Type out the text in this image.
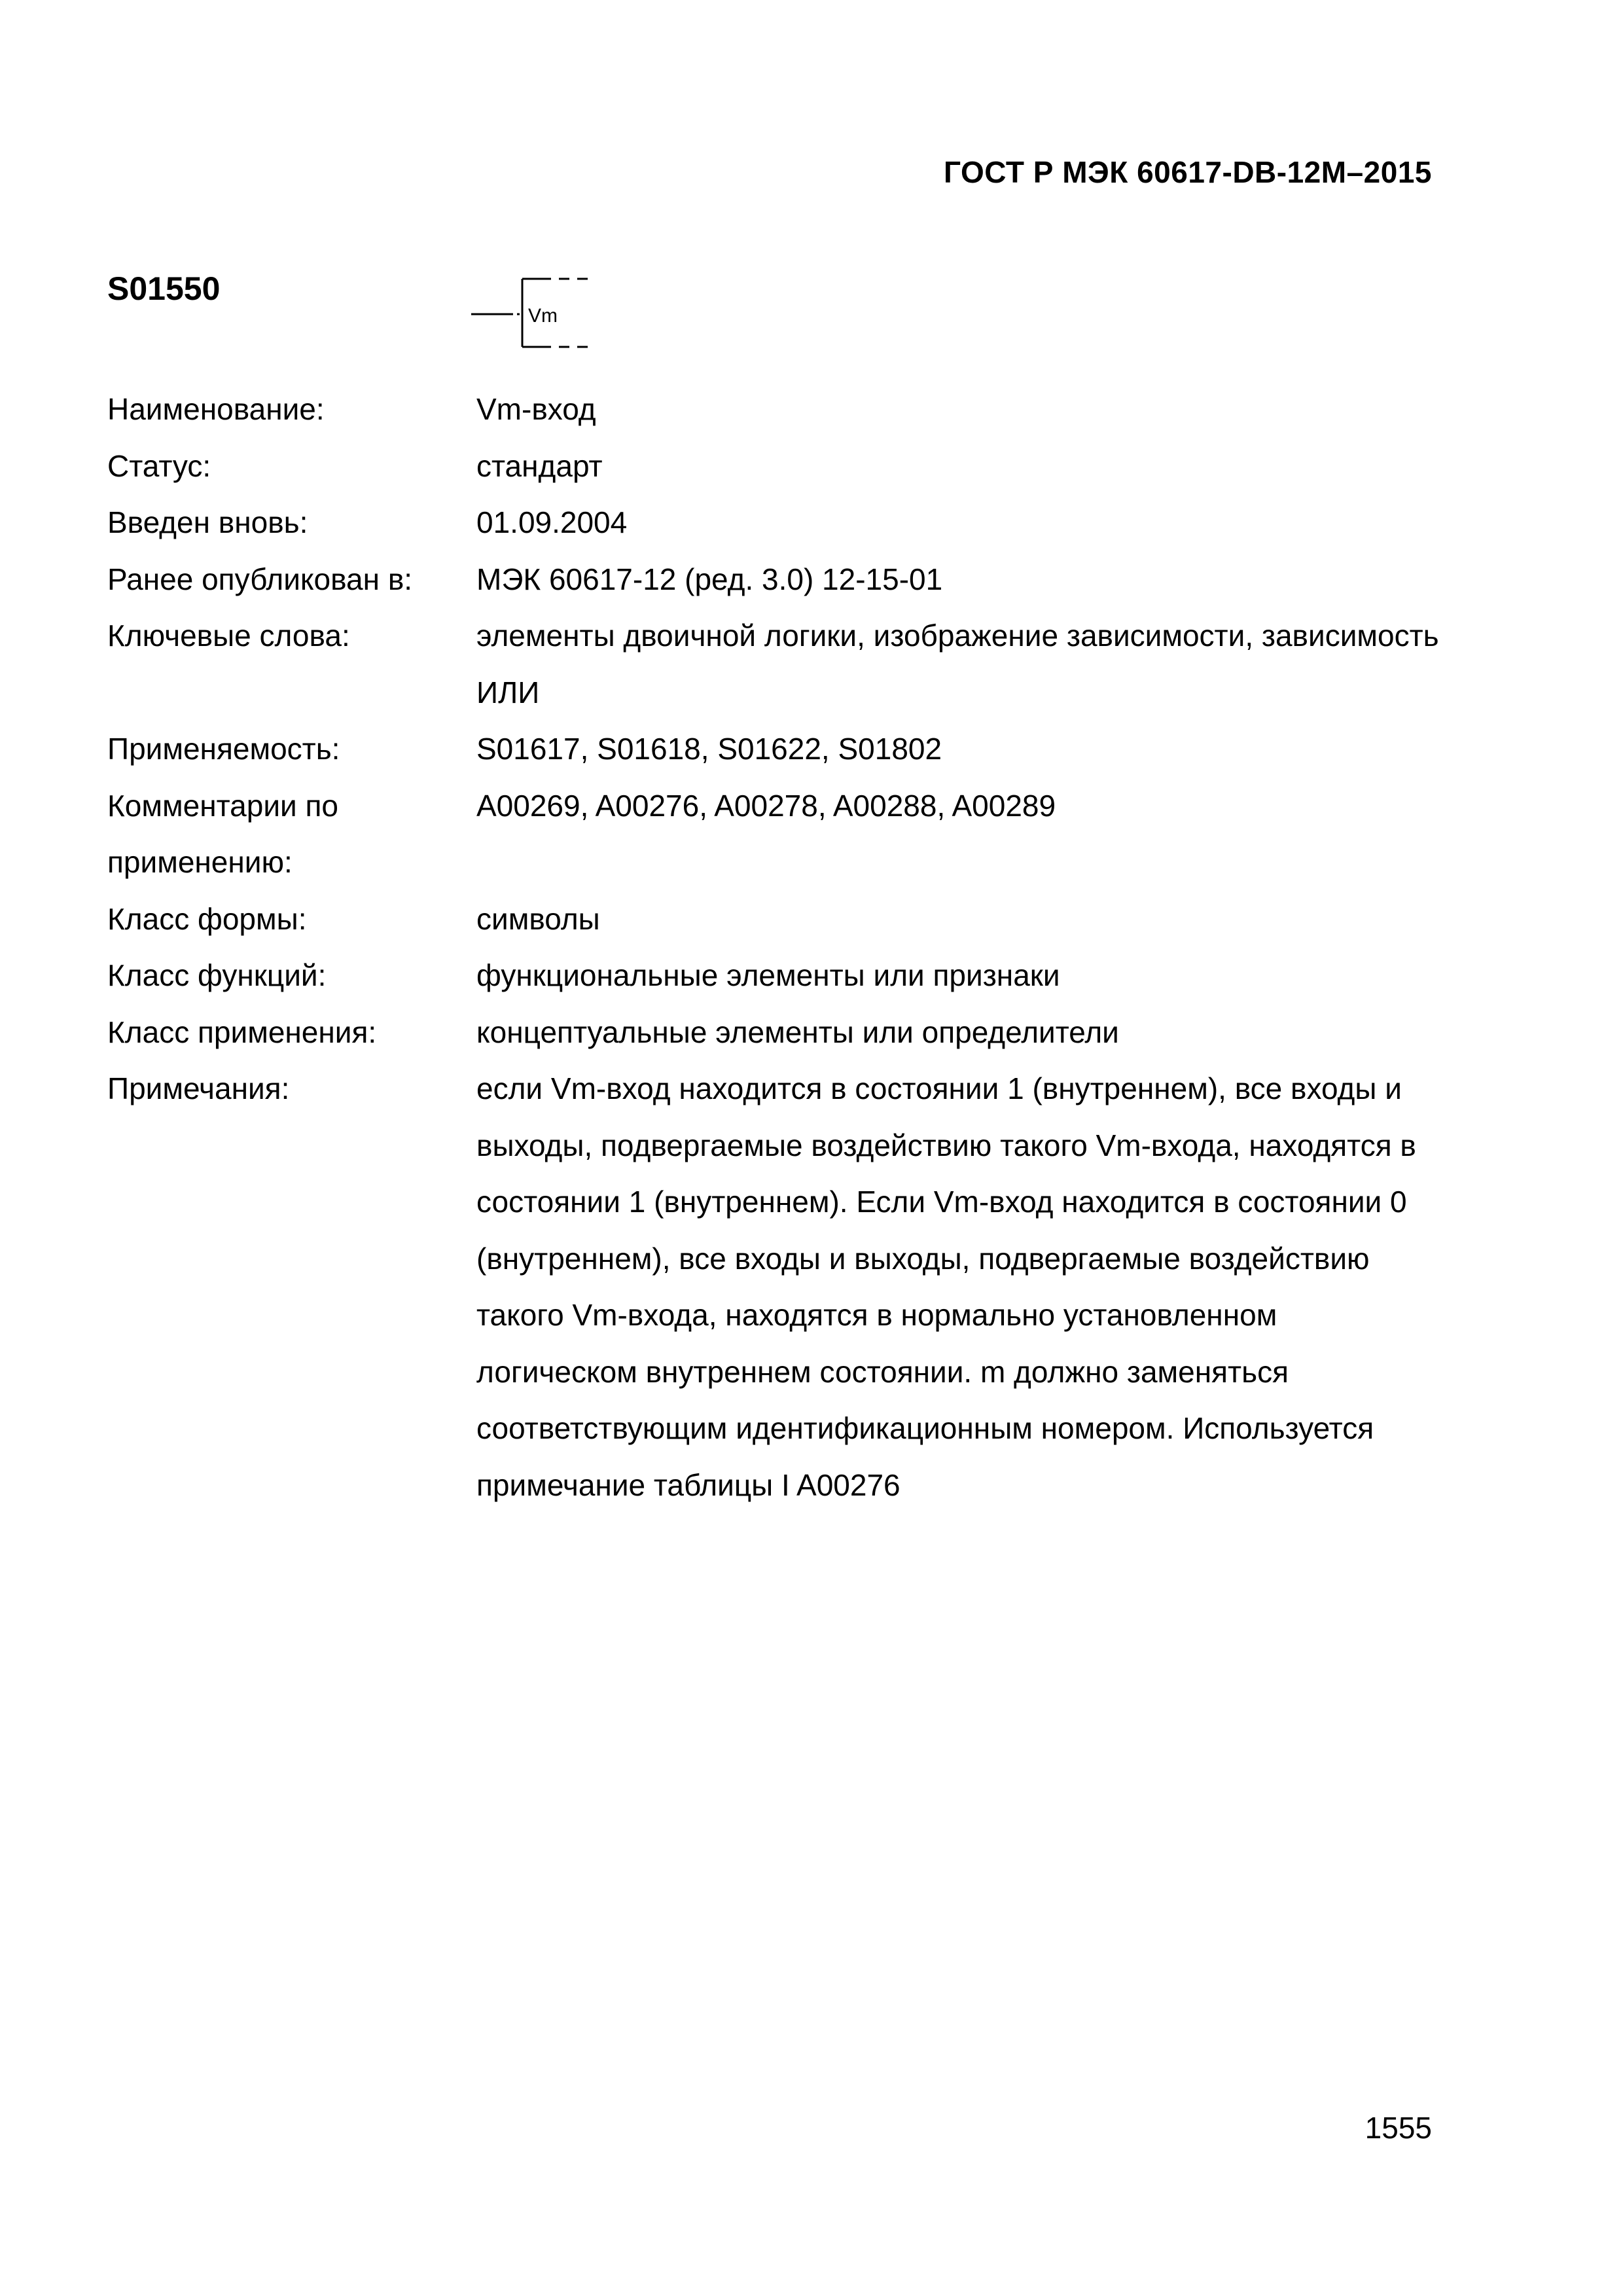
ГОСТ Р МЭК 60617-DB-12M–2015
S01550
Vm
Наименование:	Vm-вход
Статус:	стандарт
Введен вновь:	01.09.2004
Ранее опубликован в:	МЭК 60617-12 (ред. 3.0) 12-15-01
Ключевые слова:	элементы двоичной логики, изображение зависимости, зависимость ИЛИ
Применяемость:	S01617, S01618, S01622, S01802
Комментарии по применению:
A00269, A00276, A00278, A00288, A00289
Класс формы:	символы
Класс функций:	функциональные элементы или признаки
Класс применения:	концептуальные элементы или определители
Примечания:	если Vm-вход находится в состоянии 1 (внутреннем), все входы и выходы, подвергаемые воздействию такого Vm-входа, находятся в состоянии 1 (внутреннем). Если Vm-вход находится в состоянии 0 (внутреннем), все входы и выходы, подвергаемые воздействию такого Vm-входа, находятся в нормально установленном логическом внутреннем состоянии. m должно заменяться соответствующим идентификационным номером. Используется примечание таблицы I A00276
1555
